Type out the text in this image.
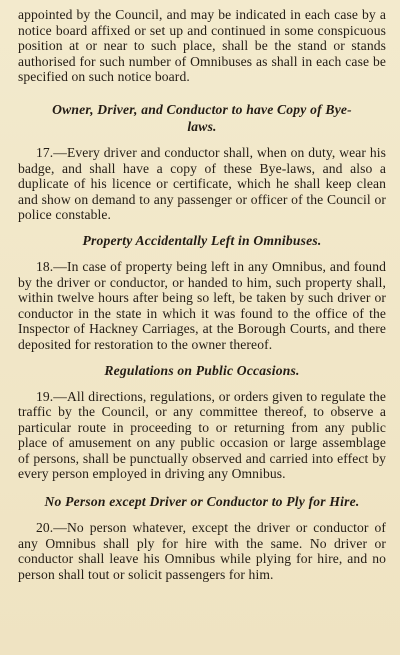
appointed by the Council, and may be indicated in each case by a notice board affixed or set up and continued in some conspicuous position at or near to such place, shall be the stand or stands authorised for such number of Omnibuses as shall in each case be specified on such notice board.

Owner, Driver, and Conductor to have Copy of Bye-laws.

17.—Every driver and conductor shall, when on duty, wear his badge, and shall have a copy of these Bye-laws, and also a duplicate of his licence or certificate, which he shall keep clean and show on demand to any passenger or officer of the Council or police constable.

Property Accidentally Left in Omnibuses.

18.—In case of property being left in any Omnibus, and found by the driver or conductor, or handed to him, such property shall, within twelve hours after being so left, be taken by such driver or conductor in the state in which it was found to the office of the Inspector of Hackney Carriages, at the Borough Courts, and there deposited for restoration to the owner thereof.

Regulations on Public Occasions.

19.—All directions, regulations, or orders given to regulate the traffic by the Council, or any committee thereof, to observe a particular route in proceeding to or returning from any public place of amusement on any public occasion or large assemblage of persons, shall be punctually observed and carried into effect by every person employed in driving any Omnibus.

No Person except Driver or Conductor to Ply for Hire.

20.—No person whatever, except the driver or conductor of any Omnibus shall ply for hire with the same. No driver or conductor shall leave his Omnibus while plying for hire, and no person shall tout or solicit passengers for him.
